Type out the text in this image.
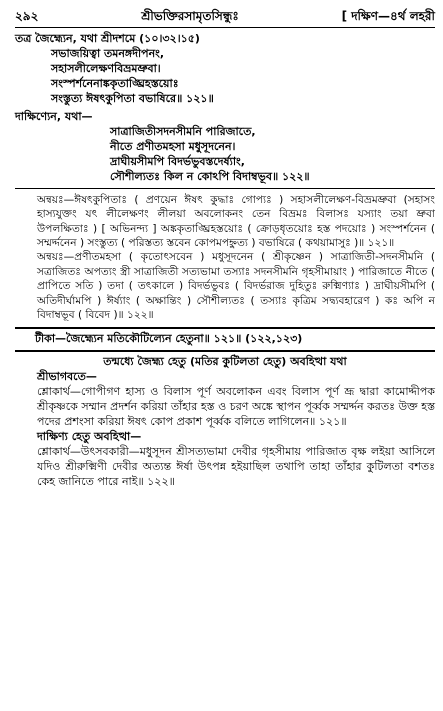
২৯২	শ্রীভক্তিরসামৃতসিন্ধুঃ	[ দক্ষিণ—৪র্থ লহরী

তত্র জৈহ্ম্যেন, যথা শ্রীদশমে (১০।৩২।১৫)

সভাজয়িত্বা তমনঙ্গদীপনং,

সহাসলীলেক্ষণবিভ্রমভ্রুবা।

সংস্পর্শনেনাঙ্ককৃতাঙ্ঘ্রিহস্তয়োঃ

সংস্তুত্য ঈষৎকুপিতা বভাষিরে॥ ১২১॥

দাক্ষিণ্যেন, যথা—

সাত্রাজিতীসদনসীমনি পারিজাতে,

নীতে প্রণীতমহসা মধুসূদনেন।

দ্রাঘীয়সীমপি বিদর্ভভুবস্তদের্ষ্যাং,

সৌশীল্যতঃ কিল ন কোঽপি বিদাম্বভূব॥ ১২২॥

অন্বয়ঃ—ঈষৎকুপিতাঃ ( প্রণয়েন ঈষৎ কু্দ্ধাঃ গোপ্যঃ ) সহাসলীলেক্ষণ-বিভ্রমভ্রুবা (সহাসং হাস্যযুক্তং যৎ লীলেক্ষণং লীলয়া অবলোকনং তেন বিভ্রমঃ বিলাসঃ যস্যাং তয়া ভ্রুবা উপলক্ষিতাঃ ) [ অভিনন্দ্য ] অঙ্ককৃতাঙ্ঘ্রিহস্তয়োঃ ( ক্রোড়ধৃতয়োঃ হস্ত পদয়োঃ ) সংস্পর্শনেন ( সম্মর্দ্দনেন ) সংস্তুত্য ( পরিস্তত্য স্তবেন কোপমপহ্নুত্য ) বভাষিরে ( কথয়ামাসুঃ )॥ ১২১॥

অন্বয়ঃ—প্রণীতমহসা ( কৃতোৎসবেন ) মধুসূদনেন ( শ্রীকৃষ্ণেন ) সাত্রাজিতী-সদনসীমনি ( সত্রাজিতঃ অপত্যং স্ত্রী সাত্রাজিতী সত্যভামা তস্যাঃ সদনসীমনি গৃহসীমায়াং ) পারিজাতে নীতে ( প্রাপিতে সতি ) তদা ( তৎকালে ) বিদর্ভভুবঃ ( বিদর্ভরাজ দুহিতুঃ রুক্মিণ্যাঃ ) দ্রাঘীয়সীমপি ( অতিদীর্ঘামপি ) ঈর্ষ্যাং ( অক্ষান্তিং ) সৌশীল্যতঃ ( তস্যাঃ কৃত্রিম সদ্ব্যবহারেণ ) কঃ অপি ন বিদাম্বভূব ( বিবেদ )॥ ১২২॥

টীকা—জৈহ্ম্যেন মতিকৌটিল্যেন হেতুনা॥ ১২১॥ (১২২,১২৩)

তন্মধ্যে জৈহ্ম্য হেতু (মতির কুটিলতা হেতু) অবহিত্থা যথা

শ্রীভাগবতে—

শ্লোকার্থ—গোপীগণ হাস্য ও বিলাস পূর্ণ অবলোকন এবং বিলাস পূর্ণ ভ্রূ দ্বারা কামোদ্দীপক শ্রীকৃষ্ণকে সম্মান প্রদর্শন করিয়া তাঁহার হস্ত ও চরণ অঙ্কে স্থাপন পূর্ব্বক সম্মর্দ্দন করতঃ উক্ত হস্ত পদের প্রশংসা করিয়া ঈষৎ কোপ প্রকাশ পূর্ব্বক বলিতে লাগিলেন॥ ১২১॥

দাক্ষিণ্য হেতু অবহিত্থা—

শ্লোকার্থ—উৎসবকারী—মধুসূদন শ্রীসত্যভামা দেবীর গৃহসীমায় পারিজাত বৃক্ষ লইয়া আসিলে যদিও শ্রীরুক্মিণী দেবীর অত্যন্ত ঈর্ষা উৎপন্ন হইয়াছিল তথাপি তাহা তাঁহার কুটিলতা বশতঃ কেহ জানিতে পারে নাই॥ ১২২॥
